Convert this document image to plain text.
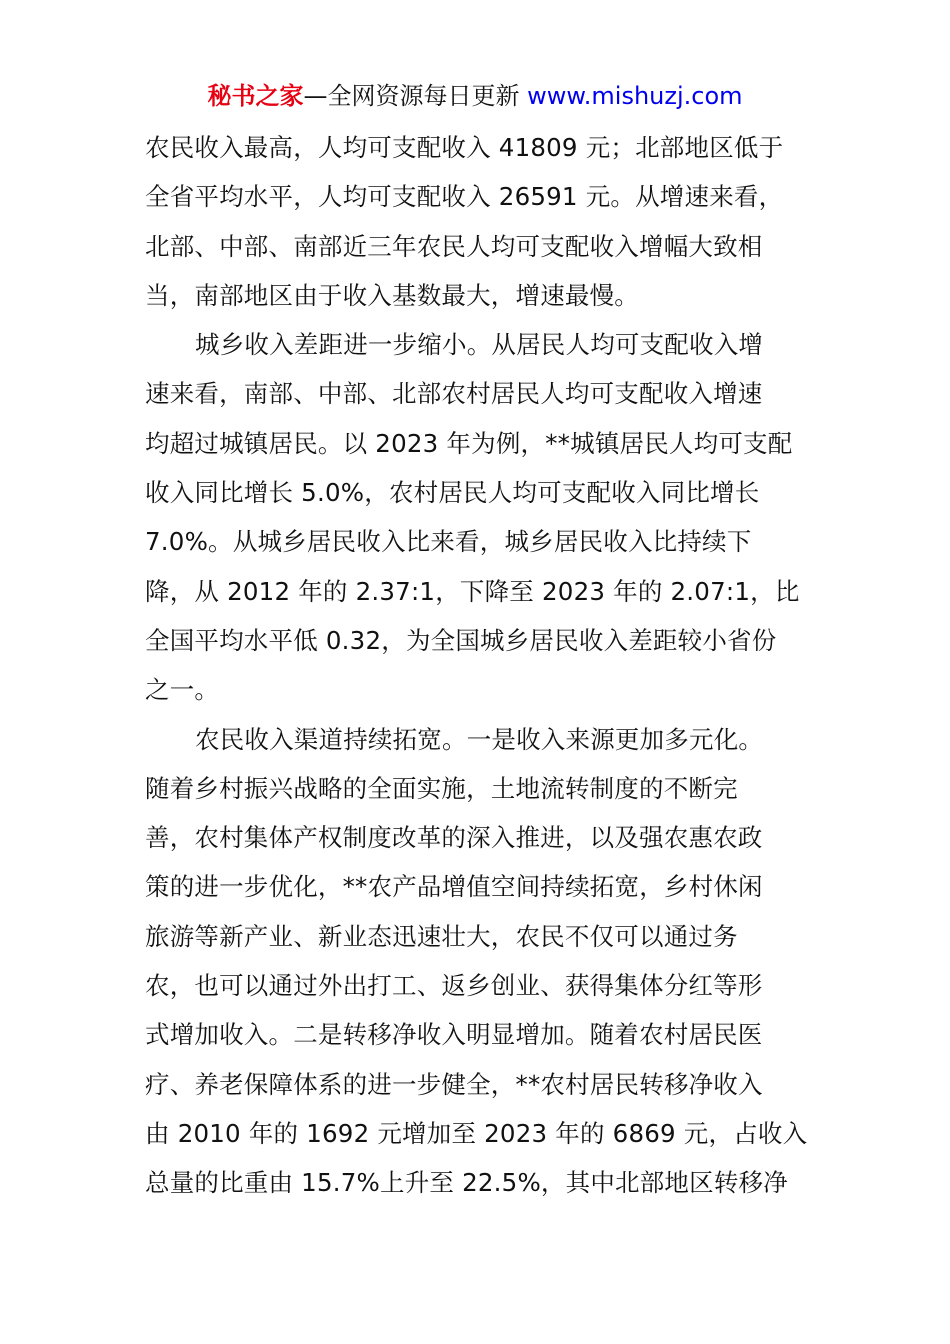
秘书之家—全网资源每日更新 www.mishuzj.com
农民收入最高，人均可支配收入 41809 元；北部地区低于
全省平均水平，人均可支配收入 26591 元。从增速来看，
北部、中部、南部近三年农民人均可支配收入增幅大致相
当，南部地区由于收入基数最大，增速最慢。
城乡收入差距进一步缩小。从居民人均可支配收入增
速来看，南部、中部、北部农村居民人均可支配收入增速
均超过城镇居民。以 2023 年为例，**城镇居民人均可支配
收入同比增长 5.0%，农村居民人均可支配收入同比增长
7.0%。从城乡居民收入比来看，城乡居民收入比持续下
降，从 2012 年的 2.37:1，下降至 2023 年的 2.07:1，比
全国平均水平低 0.32，为全国城乡居民收入差距较小省份
之一。
农民收入渠道持续拓宽。一是收入来源更加多元化。
随着乡村振兴战略的全面实施，土地流转制度的不断完
善，农村集体产权制度改革的深入推进，以及强农惠农政
策的进一步优化，**农产品增值空间持续拓宽，乡村休闲
旅游等新产业、新业态迅速壮大，农民不仅可以通过务
农，也可以通过外出打工、返乡创业、获得集体分红等形
式增加收入。二是转移净收入明显增加。随着农村居民医
疗、养老保障体系的进一步健全，**农村居民转移净收入
由 2010 年的 1692 元增加至 2023 年的 6869 元，占收入
总量的比重由 15.7%上升至 22.5%，其中北部地区转移净
